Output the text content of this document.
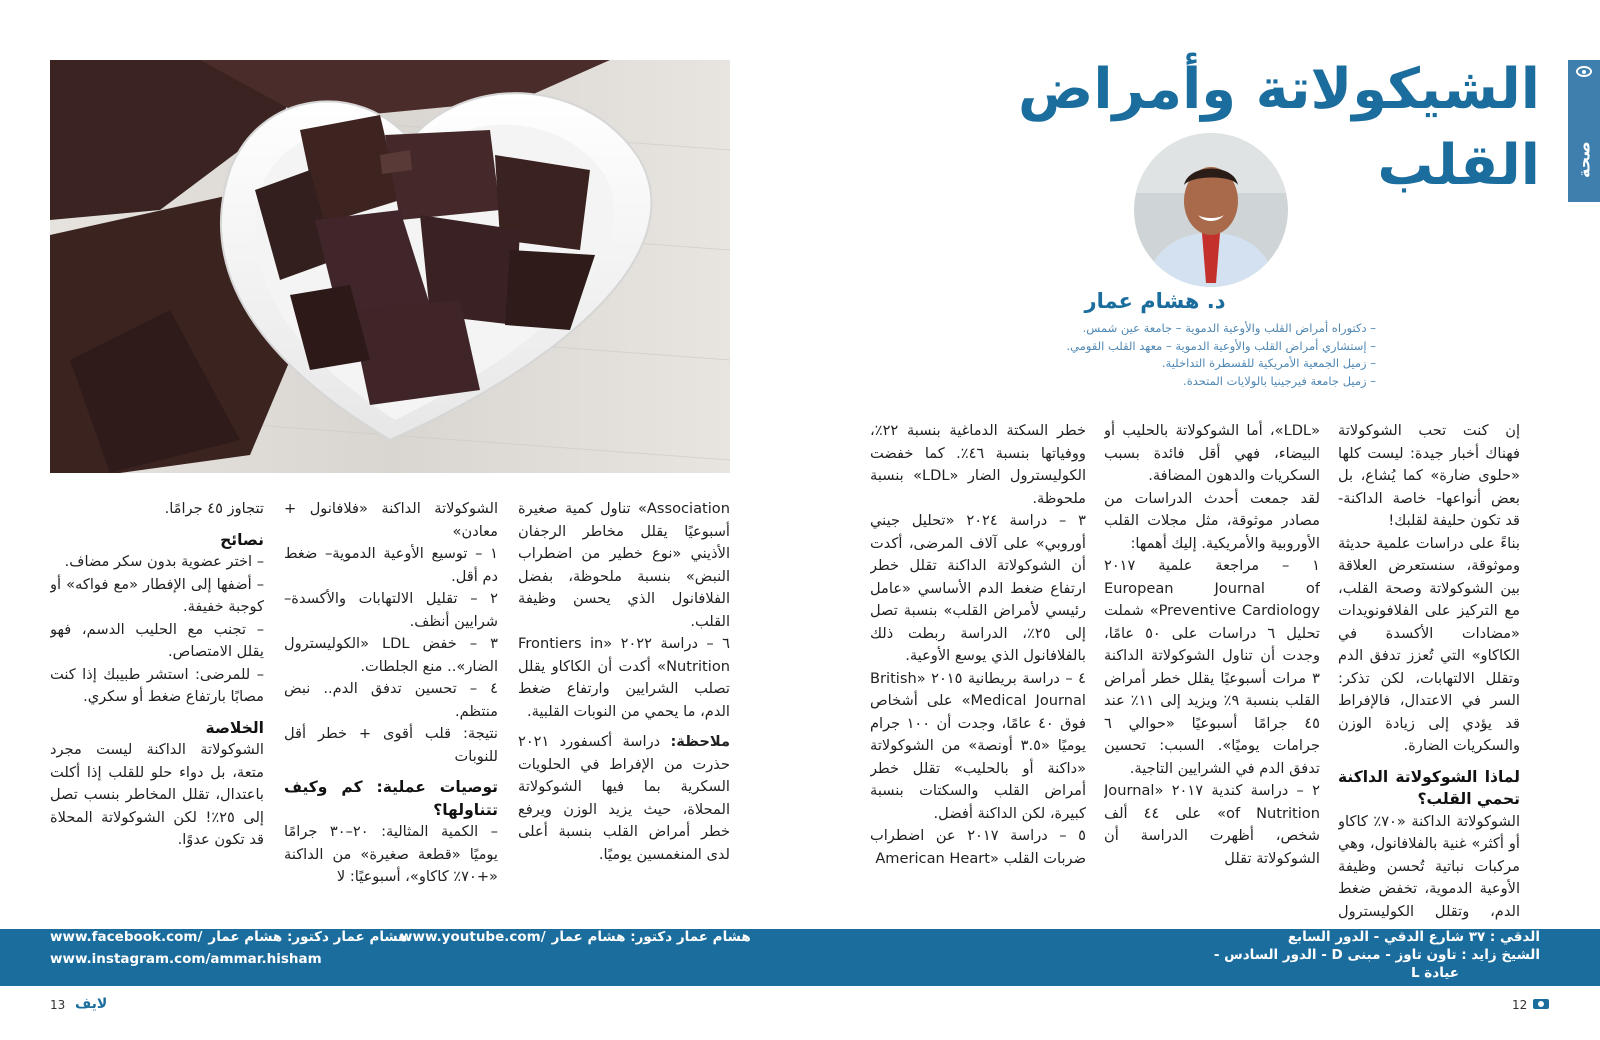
صحة
الشيكولاتة وأمراض القلب
د. هشام عمار
– دكتوراه أمراض القلب والأوعية الدموية – جامعة عين شمس.
– إستشاري أمراض القلب والأوعية الدموية – معهد القلب القومي.
– زميل الجمعية الأمريكية للقسطرة التداخلية.
– زميل جامعة فيرجينيا بالولايات المتحدة.

إن كنت تحب الشوكولاتة فهناك أخبار جيدة: ليست كلها «حلوى ضارة» كما يُشاع، بل بعض أنواعها- خاصة الداكنة- قد تكون حليفة لقلبك!

بناءً على دراسات علمية حديثة وموثوقة، سنستعرض العلاقة بين الشوكولاتة وصحة القلب، مع التركيز على الفلافونويدات «مضادات الأكسدة في الكاكاو» التي تُعزز تدفق الدم وتقلل الالتهابات، لكن تذكر: السر في الاعتدال، فالإفراط قد يؤدي إلى زيادة الوزن والسكريات الضارة.

لماذا الشوكولاتة الداكنة تحمي القلب؟

الشوكولاتة الداكنة «٧٠٪ كاكاو أو أكثر» غنية بالفلافانول، وهي مركبات نباتية تُحسن وظيفة الأوعية الدموية، تخفض ضغط الدم، وتقلل الكوليسترول

«LDL»، أما الشوكولاتة بالحليب أو البيضاء، فهي أقل فائدة بسبب السكريات والدهون المضافة.

لقد جمعت أحدث الدراسات من مصادر موثوقة، مثل مجلات القلب الأوروبية والأمريكية. إليك أهمها:

١ – مراجعة علمية ٢٠١٧ European Journal of Preventive Cardiology» شملت تحليل ٦ دراسات على ٥٠ عامًا، وجدت أن تناول الشوكولاتة الداكنة ٣ مرات أسبوعيًا يقلل خطر أمراض القلب بنسبة ٩٪ ويزيد إلى ١١٪ عند ٤٥ جرامًا أسبوعيًا «حوالي ٦ جرامات يوميًا». السبب: تحسين تدفق الدم في الشرايين التاجية.

٢ – دراسة كندية ٢٠١٧ «Journal of Nutrition» على ٤٤ ألف شخص، أظهرت الدراسة أن الشوكولاتة تقلل

خطر السكتة الدماغية بنسبة ٢٢٪، ووفياتها بنسبة ٤٦٪. كما خفضت الكوليسترول الضار «LDL» بنسبة ملحوظة.

٣ – دراسة ٢٠٢٤ «تحليل جيني أوروبي» على آلاف المرضى، أكدت أن الشوكولاتة الداكنة تقلل خطر ارتفاع ضغط الدم الأساسي «عامل رئيسي لأمراض القلب» بنسبة تصل إلى ٢٥٪، الدراسة ربطت ذلك بالفلافانول الذي يوسع الأوعية.

٤ – دراسة بريطانية ٢٠١٥ «British Medical Journal» على أشخاص فوق ٤٠ عامًا، وجدت أن ١٠٠ جرام يوميًا «٣.٥ أونصة» من الشوكولاتة «داكنة أو بالحليب» تقلل خطر أمراض القلب والسكتات بنسبة كبيرة، لكن الداكنة أفضل.

٥ – دراسة ٢٠١٧ عن اضطراب ضربات القلب «American Heart

Association» تناول كمية صغيرة أسبوعيًا يقلل مخاطر الرجفان الأذيني «نوع خطير من اضطراب النبض» بنسبة ملحوظة، بفضل الفلافانول الذي يحسن وظيفة القلب.

٦ – دراسة ٢٠٢٢ «Frontiers in Nutrition» أكدت أن الكاكاو يقلل تصلب الشرايين وارتفاع ضغط الدم، ما يحمي من النوبات القلبية.

ملاحظة: دراسة أكسفورد ٢٠٢١ حذرت من الإفراط في الحلويات السكرية بما فيها الشوكولاتة المحلاة، حيث يزيد الوزن ويرفع خطر أمراض القلب بنسبة أعلى لدى المنغمسين يوميًا.

الشوكولاتة الداكنة «فلافانول + معادن»

١ – توسيع الأوعية الدموية– ضغط دم أقل.

٢ – تقليل الالتهابات والأكسدة– شرايين أنظف.

٣ – خفض LDL «الكوليسترول الضار».. منع الجلطات.

٤ – تحسين تدفق الدم.. نبض منتظم.

نتيجة: قلب أقوى + خطر أقل للنوبات

توصيات عملية: كم وكيف تتناولها؟

– الكمية المثالية: ٢٠–٣٠ جرامًا يوميًا «قطعة صغيرة» من الداكنة «+٧٠٪ كاكاو»، أسبوعيًا: لا

تتجاوز ٤٥ جرامًا.

نصائح

– اختر عضوية بدون سكر مضاف.

– أضفها إلى الإفطار «مع فواكه» أو كوجبة خفيفة.

– تجنب مع الحليب الدسم، فهو يقلل الامتصاص.

– للمرضى: استشر طبيبك إذا كنت مصابًا بارتفاع ضغط أو سكري.

الخلاصة

الشوكولاتة الداكنة ليست مجرد متعة، بل دواء حلو للقلب إذا أكلت باعتدال، تقلل المخاطر بنسب تصل إلى ٢٥٪! لكن الشوكولاتة المحلاة قد تكون عدوًا.

الدقي : ٣٧ شارع الدقي - الدور السابع
الشيخ زايد : تاون تاوز - مبنى D - الدور السادس -
عيادة L
www.youtube.com/هشام عمار دكتور: هشام عمار
www.facebook.com/هشام عمار دكتور: هشام عمار
www.instagram.com/ammar.hisham
13 لايف	12
